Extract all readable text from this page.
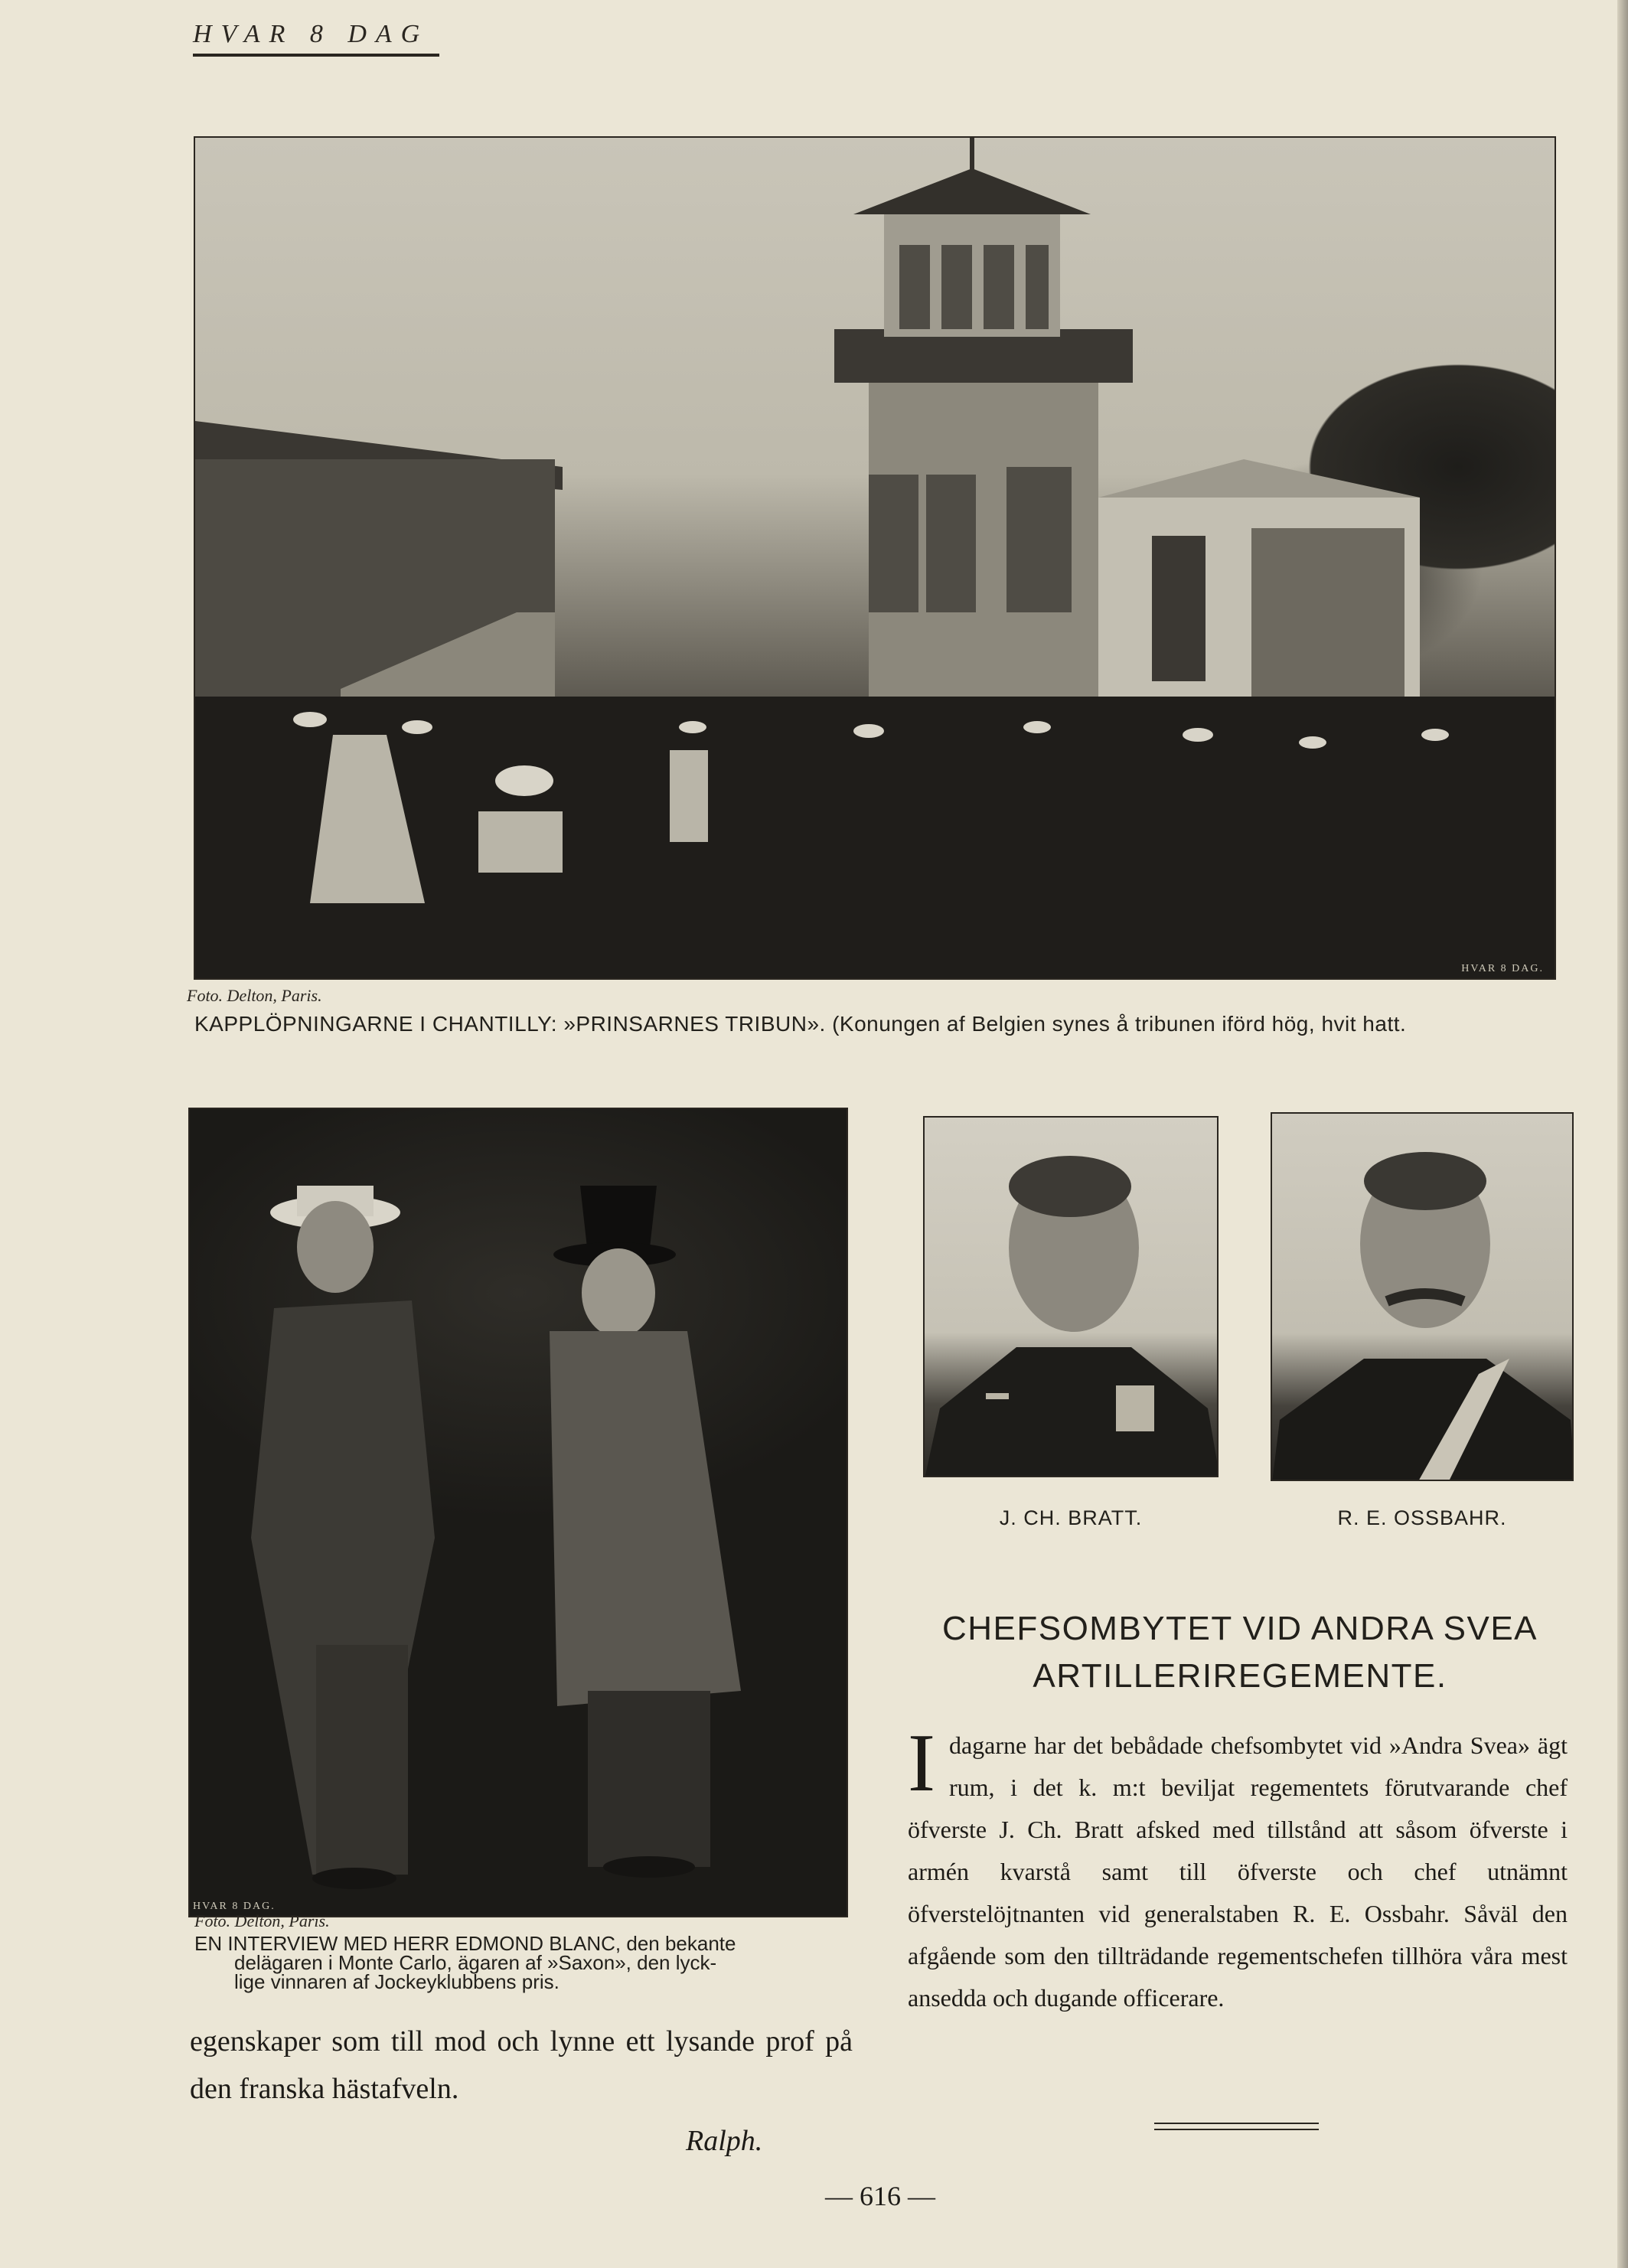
HVAR 8 DAG
HVAR 8 DAG.
Foto. Delton, Paris.
KAPPLÖPNINGARNE I CHANTILLY: »PRINSARNES TRIBUN». (Konungen af Belgien synes å tribunen iförd hög, hvit hatt.
HVAR 8 DAG.
Foto. Delton, Paris.
EN INTERVIEW MED HERR EDMOND BLANC, den bekante
delägaren i Monte Carlo, ägaren af »Saxon», den lyck-
lige vinnaren af Jockeyklubbens pris.
J. CH. BRATT.	R. E. OSSBAHR.
CHEFSOMBYTET VID ANDRA SVEA
ARTILLERIREGEMENTE.
I dagarne har det bebådade chefsombytet vid »Andra Svea» ägt rum, i det k. m:t beviljat regementets förutvarande chef öfverste J. Ch. Bratt afsked med tillstånd att såsom öfverste i armén kvarstå samt till öfverste och chef utnämnt öfverstelöjtnanten vid generalstaben R. E. Ossbahr. Såväl den afgående som den tillträdande regementschefen tillhöra våra mest ansedda och dugande officerare.
egenskaper som till mod och lynne ett lysande prof på den franska hästafveln.
Ralph.
— 616 —
